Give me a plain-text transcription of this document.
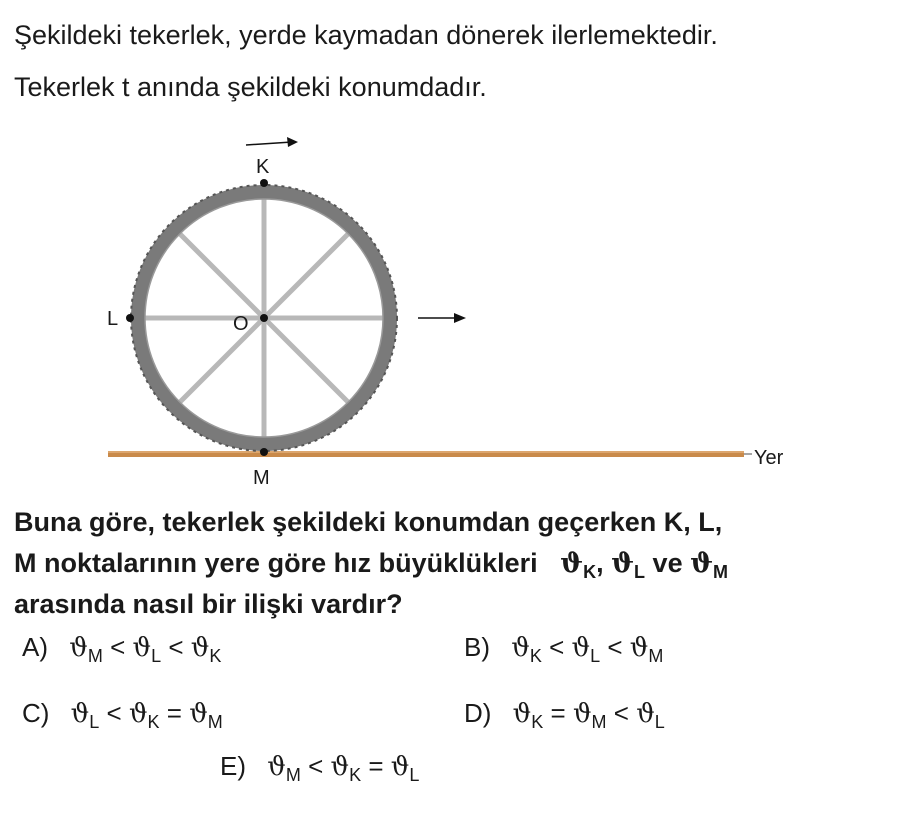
Şekildeki tekerlek, yerde kaymadan dönerek ilerlemektedir.
Tekerlek t anında şekildeki konumdadır.
Yer
K
L	O
M
Buna göre, tekerlek şekildeki konumdan geçerken K, L,
M noktalarının yere göre hız büyüklükleri $ϑ_K$, $ϑ_L$ ve $ϑ_M$
arasında nasıl bir ilişki vardır?
A) $ϑ_M < ϑ_L < ϑ_K$	B) $ϑ_K < ϑ_L < ϑ_M$
C) $ϑ_L < ϑ_K = ϑ_M$	D) $ϑ_K = ϑ_M < ϑ_L$
E) $ϑ_M < ϑ_K = ϑ_L$
